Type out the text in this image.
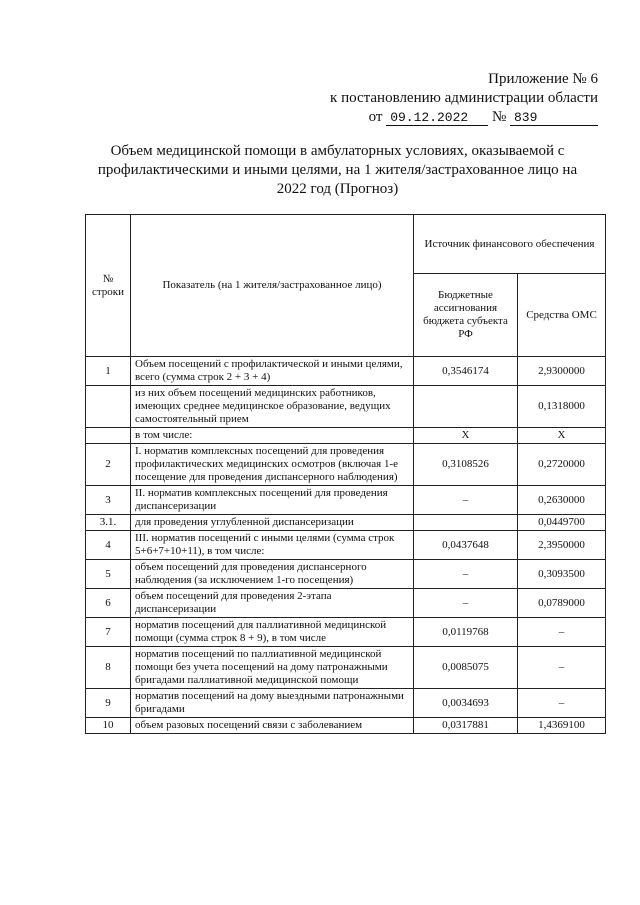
Приложение № 6
к постановлению администрации области
от 09.12.2022 № 839
Объем медицинской помощи в амбулаторных условиях, оказываемой с профилактическими и иными целями, на 1 жителя/застрахованное лицо на 2022 год (Прогноз)
№ строки	Показатель (на 1 жителя/застрахованное лицо)	Источник финансового обеспечения	
		Бюджетные ассигнования бюджета субъекта РФ	Средства ОМС
1	Объем посещений с профилактической и иными целями, всего (сумма строк 2 + 3 + 4)	0,3546174	2,9300000
	из них объем посещений медицинских работников, имеющих среднее медицинское образование, ведущих самостоятельный прием		0,1318000
	в том числе:	X	X
2	I. норматив комплексных посещений для проведения профилактических медицинских осмотров (включая 1-е посещение для проведения диспансерного наблюдения)	0,3108526	0,2720000
3	II. норматив комплексных посещений для проведения диспансеризации	–	0,2630000
3.1.	для проведения углубленной диспансеризации		0,0449700
4	III. норматив посещений с иными целями (сумма строк 5+6+7+10+11), в том числе:	0,0437648	2,3950000
5	объем посещений для проведения диспансерного наблюдения (за исключением 1-го посещения)	–	0,3093500
6	объем посещений для проведения 2-этапа диспансеризации	–	0,0789000
7	норматив посещений для паллиативной медицинской помощи (сумма строк 8 + 9), в том числе	0,0119768	–
8	норматив посещений по паллиативной медицинской помощи без учета посещений на дому патронажными бригадами паллиативной медицинской помощи	0,0085075	–
9	норматив посещений на дому выездными патронажными бригадами	0,0034693	–
10	объем разовых посещений связи с заболеванием	0,0317881	1,4369100
